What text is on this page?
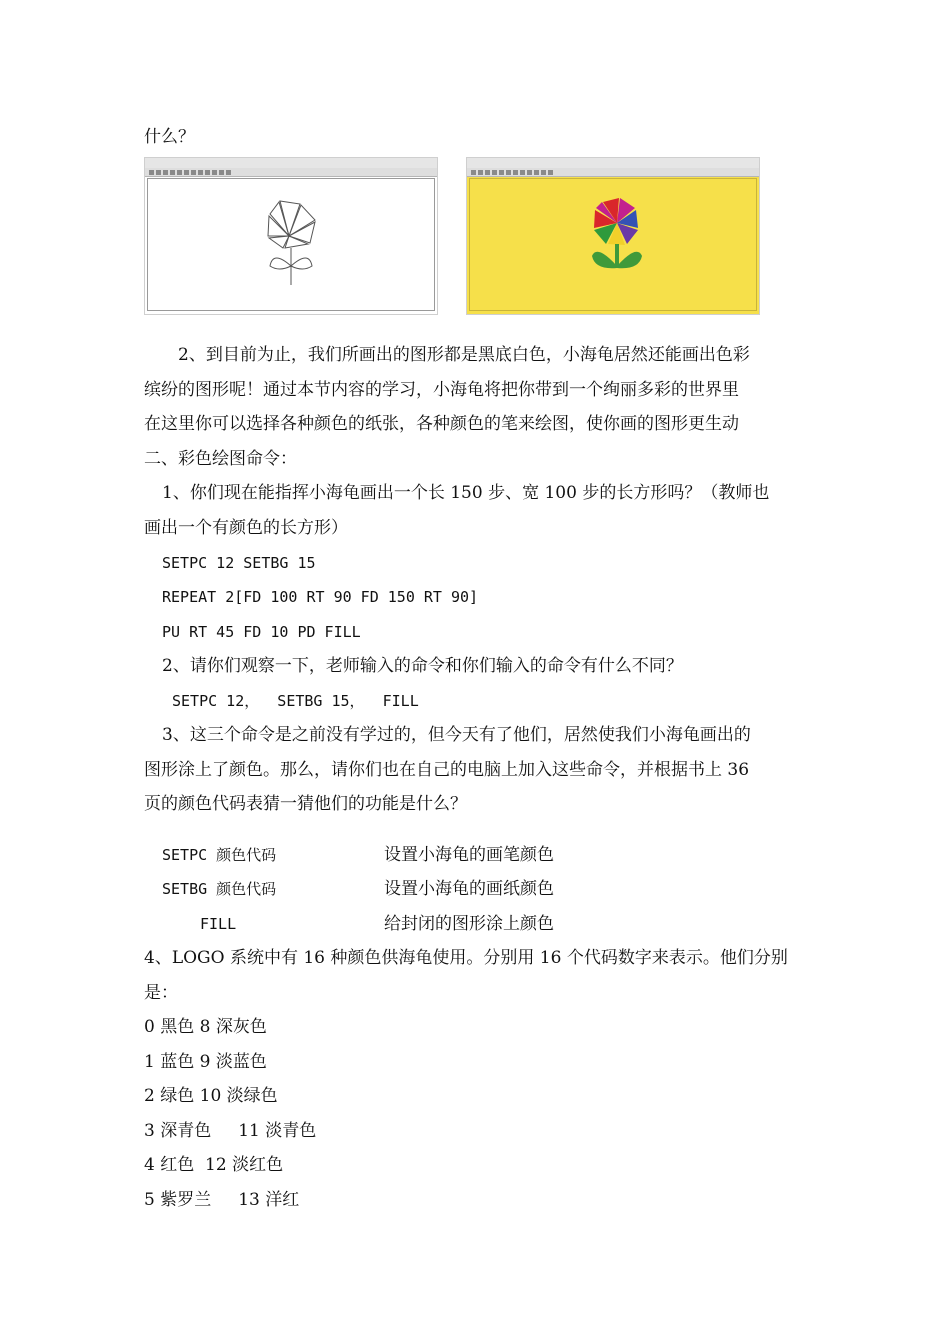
什么？
2、到目前为止，我们所画出的图形都是黑底白色，小海龟居然还能画出色彩
缤纷的图形呢！通过本节内容的学习，小海龟将把你带到一个绚丽多彩的世界里
在这里你可以选择各种颜色的纸张，各种颜色的笔来绘图，使你画的图形更生动
二、彩色绘图命令：
1、你们现在能指挥小海龟画出一个长 150 步、宽 100 步的长方形吗？（教师也
画出一个有颜色的长方形）
SETPC 12 SETBG 15
REPEAT 2[FD 100 RT 90 FD 150 RT 90]
PU RT 45 FD 10 PD FILL
2、请你们观察一下，老师输入的命令和你们输入的命令有什么不同？
SETPC 12，  SETBG 15，  FILL
3、这三个命令是之前没有学过的，但今天有了他们，居然使我们小海龟画出的
图形涂上了颜色。那么，请你们也在自己的电脑上加入这些命令，并根据书上 36
页的颜色代码表猜一猜他们的功能是什么？
SETPC 颜色代码	设置小海龟的画笔颜色
SETBG 颜色代码	设置小海龟的画纸颜色
FILL	给封闭的图形涂上颜色
4、LOGO 系统中有 16 种颜色供海龟使用。分别用 16 个代码数字来表示。他们分别
是：
0 黑色 8 深灰色
1 蓝色 9 淡蓝色
2 绿色 10 淡绿色
3 深青色     11 淡青色
4 红色  12 淡红色
5 紫罗兰     13 洋红
